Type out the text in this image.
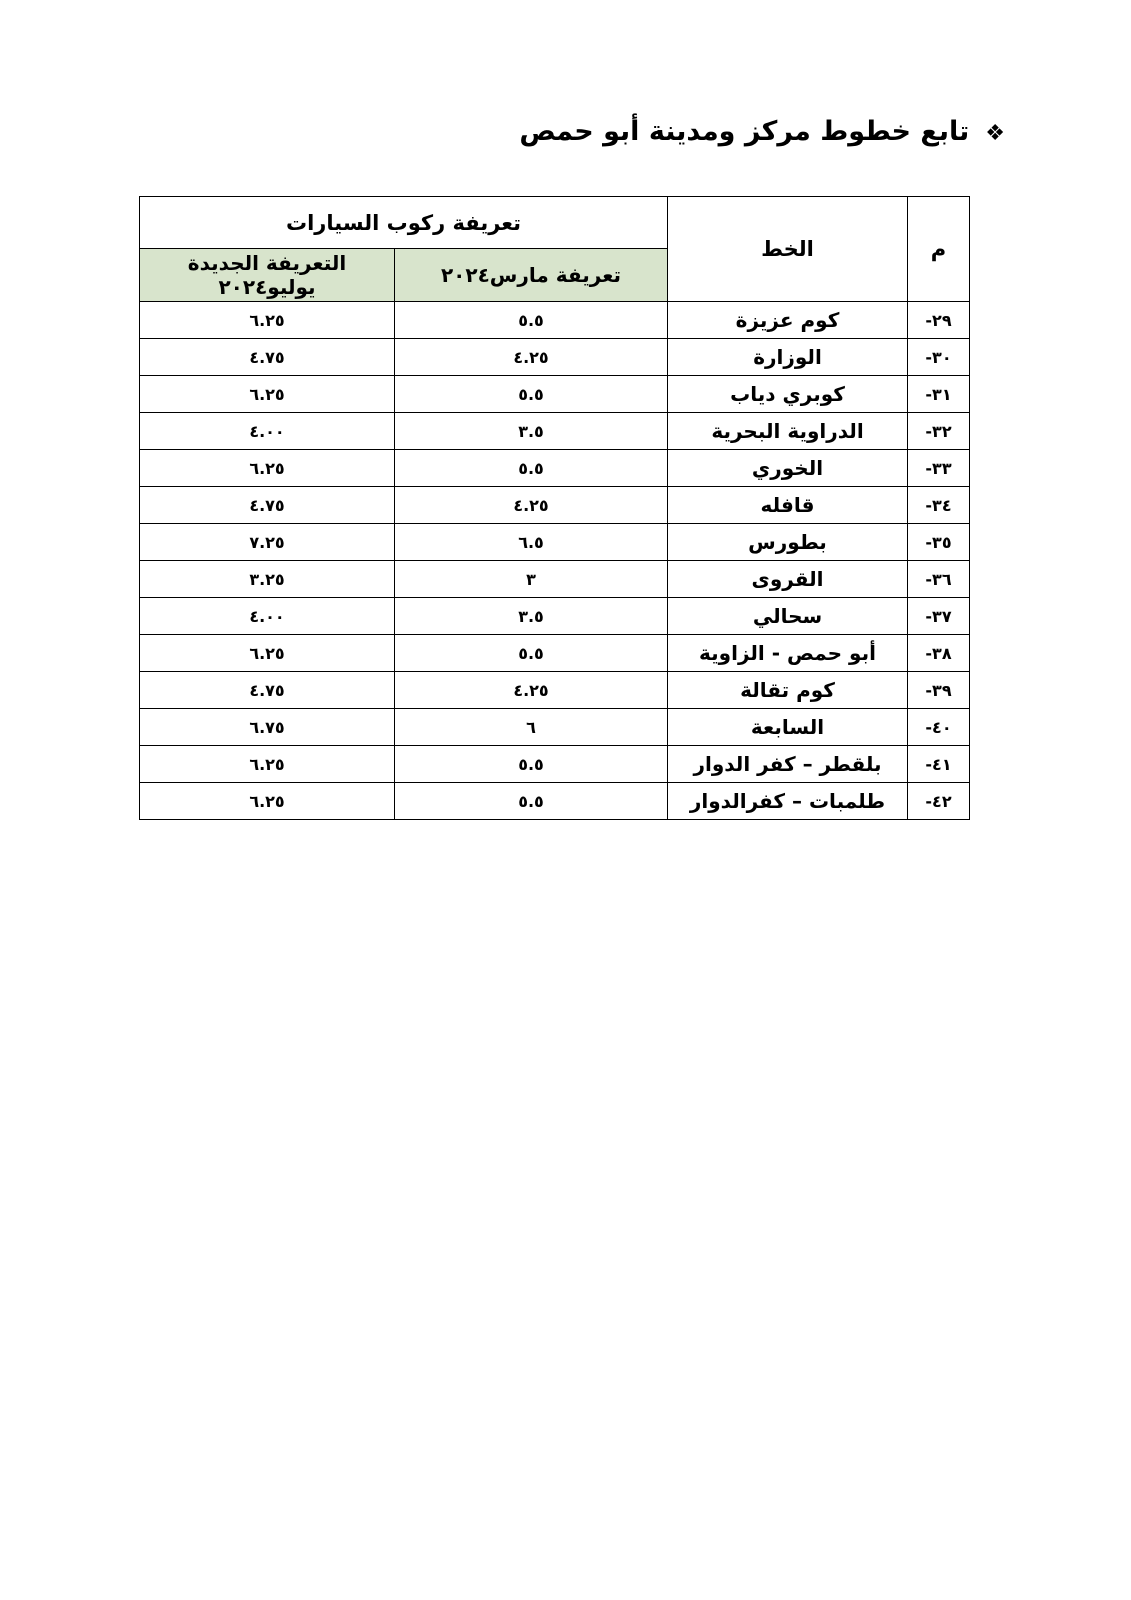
❖
تابع خطوط مركز ومدينة أبو حمص
م	الخط	تعريفة ركوب السيارات	
		تعريفة مارس٢٠٢٤	التعريفة الجديدة يوليو٢٠٢٤
-٢٩	كوم عزيزة	٥.٥	٦.٢٥
-٣٠	الوزارة	٤.٢٥	٤.٧٥
-٣١	كوبري دياب	٥.٥	٦.٢٥
-٣٢	الدراوية البحرية	٣.٥	٤.٠٠
-٣٣	الخوري	٥.٥	٦.٢٥
-٣٤	قافله	٤.٢٥	٤.٧٥
-٣٥	بطورس	٦.٥	٧.٢٥
-٣٦	القروى	٣	٣.٢٥
-٣٧	سحالي	٣.٥	٤.٠٠
-٣٨	أبو حمص - الزاوية	٥.٥	٦.٢٥
-٣٩	كوم تقالة	٤.٢٥	٤.٧٥
-٤٠	السابعة	٦	٦.٧٥
-٤١	بلقطر – كفر الدوار	٥.٥	٦.٢٥
-٤٢	طلمبات – كفرالدوار	٥.٥	٦.٢٥
